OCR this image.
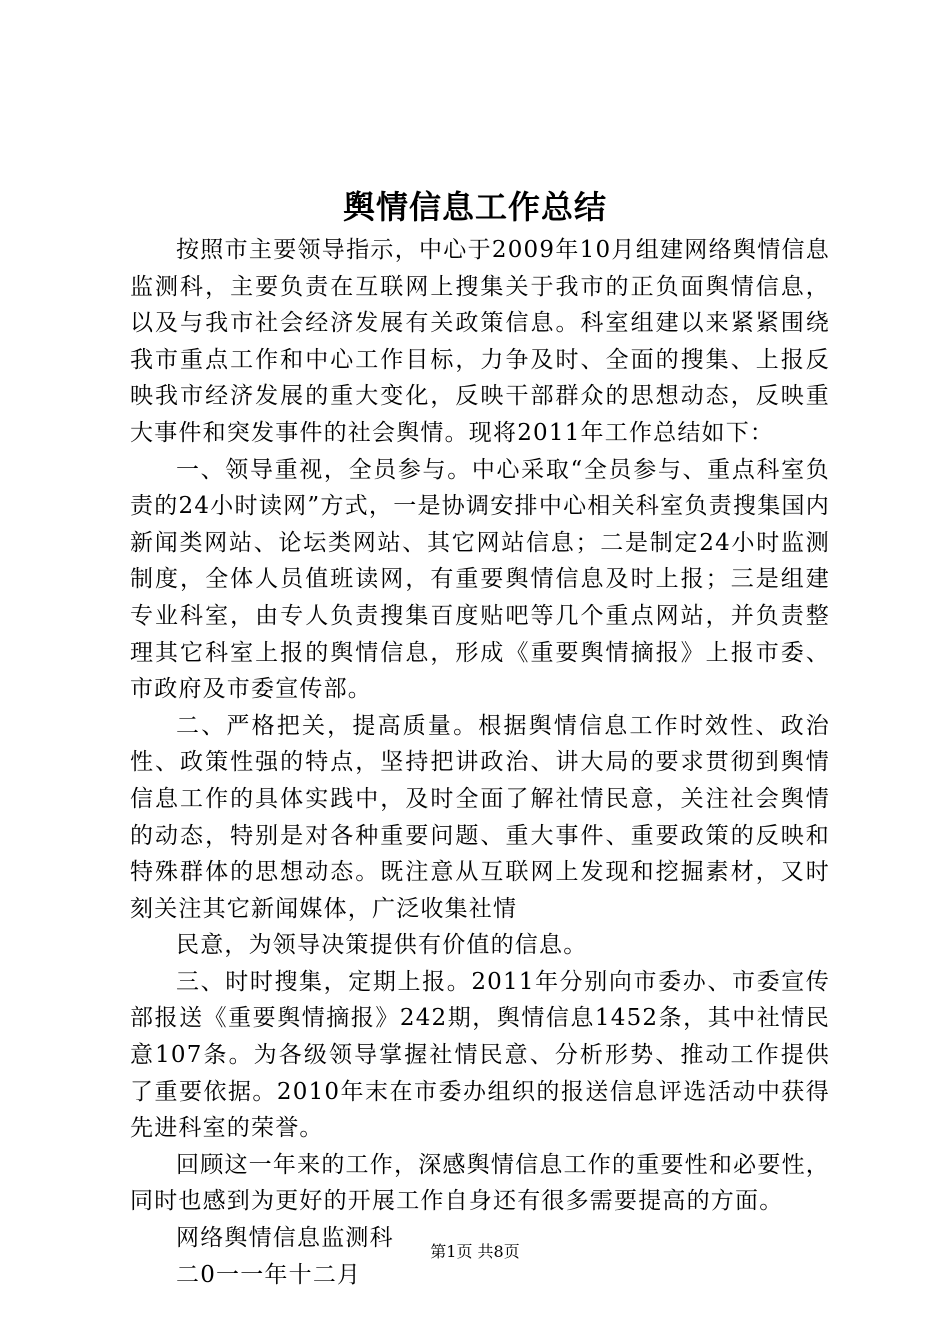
舆情信息工作总结

按照市主要领导指示，中心于2009年10月组建网络舆情信息监测科，主要负责在互联网上搜集关于我市的正负面舆情信息，以及与我市社会经济发展有关政策信息。科室组建以来紧紧围绕我市重点工作和中心工作目标，力争及时、全面的搜集、上报反映我市经济发展的重大变化，反映干部群众的思想动态，反映重大事件和突发事件的社会舆情。现将2011年工作总结如下：

一、领导重视，全员参与。中心采取“全员参与、重点科室负责的24小时读网”方式，一是协调安排中心相关科室负责搜集国内新闻类网站、论坛类网站、其它网站信息；二是制定24小时监测制度，全体人员值班读网，有重要舆情信息及时上报；三是组建专业科室，由专人负责搜集百度贴吧等几个重点网站，并负责整理其它科室上报的舆情信息，形成《重要舆情摘报》上报市委、市政府及市委宣传部。

二、严格把关，提高质量。根据舆情信息工作时效性、政治性、政策性强的特点，坚持把讲政治、讲大局的要求贯彻到舆情信息工作的具体实践中，及时全面了解社情民意，关注社会舆情的动态，特别是对各种重要问题、重大事件、重要政策的反映和特殊群体的思想动态。既注意从互联网上发现和挖掘素材，又时刻关注其它新闻媒体，广泛收集社情

民意，为领导决策提供有价值的信息。

三、时时搜集，定期上报。2011年分别向市委办、市委宣传部报送《重要舆情摘报》242期，舆情信息1452条，其中社情民意107条。为各级领导掌握社情民意、分析形势、推动工作提供了重要依据。2010年末在市委办组织的报送信息评选活动中获得先进科室的荣誉。

回顾这一年来的工作，深感舆情信息工作的重要性和必要性，同时也感到为更好的开展工作自身还有很多需要提高的方面。

网络舆情信息监测科

二0一一年十二月

第1页 共8页
